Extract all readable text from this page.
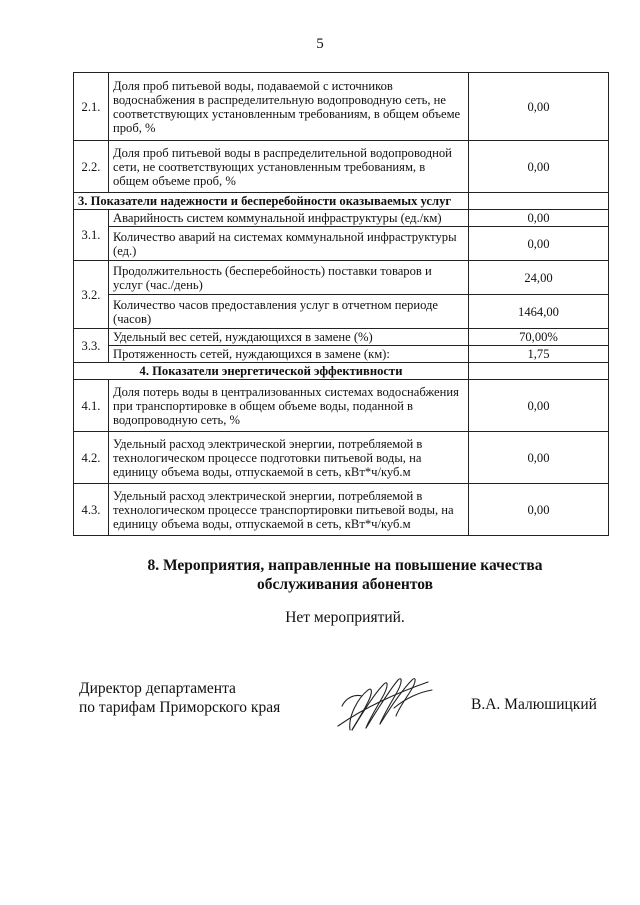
5
2.1.	Доля проб питьевой воды, подаваемой с источников водоснабжения в распределительную водопроводную сеть, не соответствующих установленным требованиям, в общем объеме проб, %	0,00
2.2.	Доля проб питьевой воды в распределительной водопроводной сети, не соответствующих установленным требованиям, в общем объеме проб, %	0,00
3. Показатели надежности и бесперебойности оказываемых услуг		
3.1.	Аварийность систем коммунальной инфраструктуры (ед./км)	0,00
	Количество аварий на системах коммунальной инфраструктуры (ед.)	0,00
3.2.	Продолжительность (бесперебойность) поставки товаров и услуг (час./день)	24,00
	Количество часов предоставления услуг в отчетном периоде (часов)	1464,00
3.3.	Удельный вес сетей, нуждающихся в замене (%)	70,00%
	Протяженность сетей, нуждающихся в замене (км):	1,75
4. Показатели энергетической эффективности		
4.1.	Доля потерь воды в централизованных системах водоснабжения при транспортировке в общем объеме воды, поданной в водопроводную сеть, %	0,00
4.2.	Удельный расход электрической энергии, потребляемой в технологическом процессе подготовки питьевой воды, на единицу объема воды, отпускаемой в сеть, кВт*ч/куб.м	0,00
4.3.	Удельный расход электрической энергии, потребляемой в технологическом процессе транспортировки питьевой воды, на единицу объема воды, отпускаемой в сеть, кВт*ч/куб.м	0,00
8. Мероприятия, направленные на повышение качества
обслуживания абонентов
Нет мероприятий.
Директор департамента
по тарифам Приморского края	В.А. Малюшицкий
